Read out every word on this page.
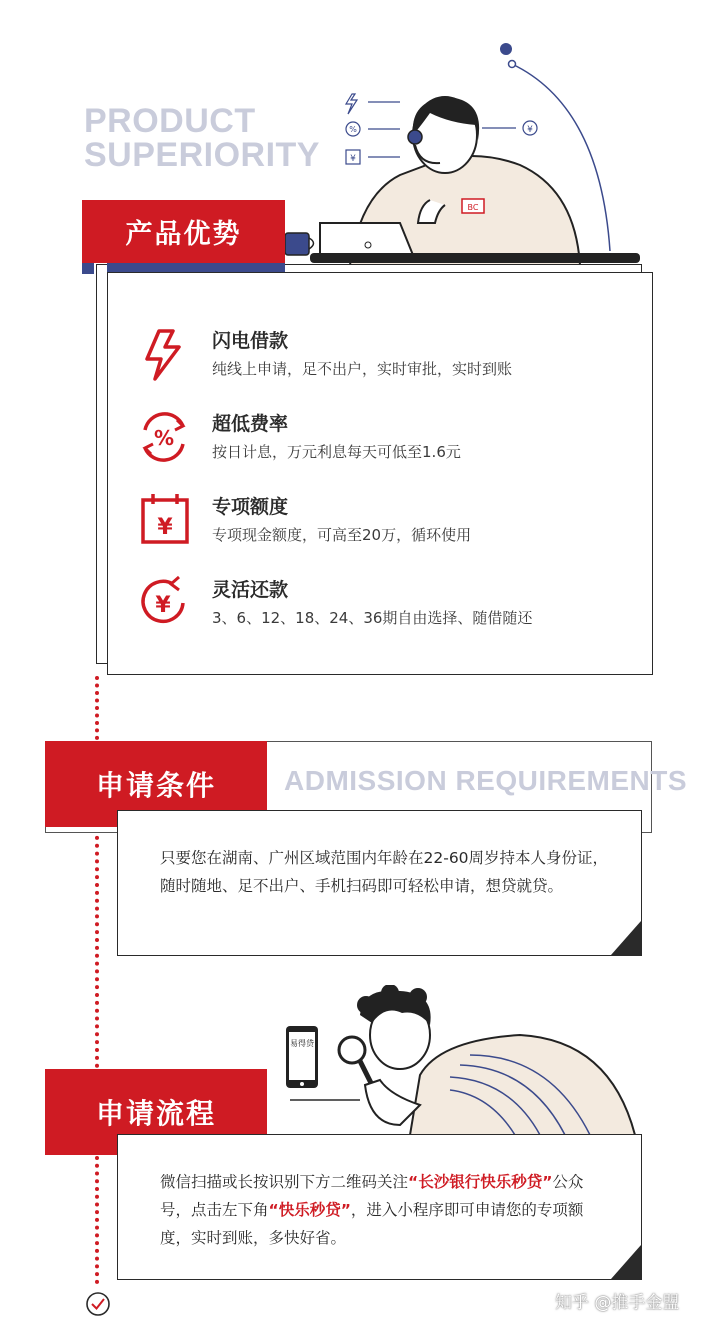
PRODUCT
SUPERIORITY
%
¥
¥
BC
产品优势
闪电借款
纯线上申请，足不出户，实时审批，实时到账
%
超低费率
按日计息，万元利息每天可低至1.6元
¥
专项额度
专项现金额度，可高至20万，循环使用
¥
灵活还款
3、6、12、18、24、36期自由选择、随借随还
申请条件	ADMISSION REQUIREMENTS
只要您在湖南、广州区域范围内年龄在22-60周岁持本人身份证，随时随地、足不出户、手机扫码即可轻松申请，想贷就贷。
易得贷
申请流程
微信扫描或长按识别下方二维码关注“长沙银行快乐秒贷”公众号，点击左下角“快乐秒贷”，进入小程序即可申请您的专项额度，实时到账，多快好省。
知乎 @推手金盟
